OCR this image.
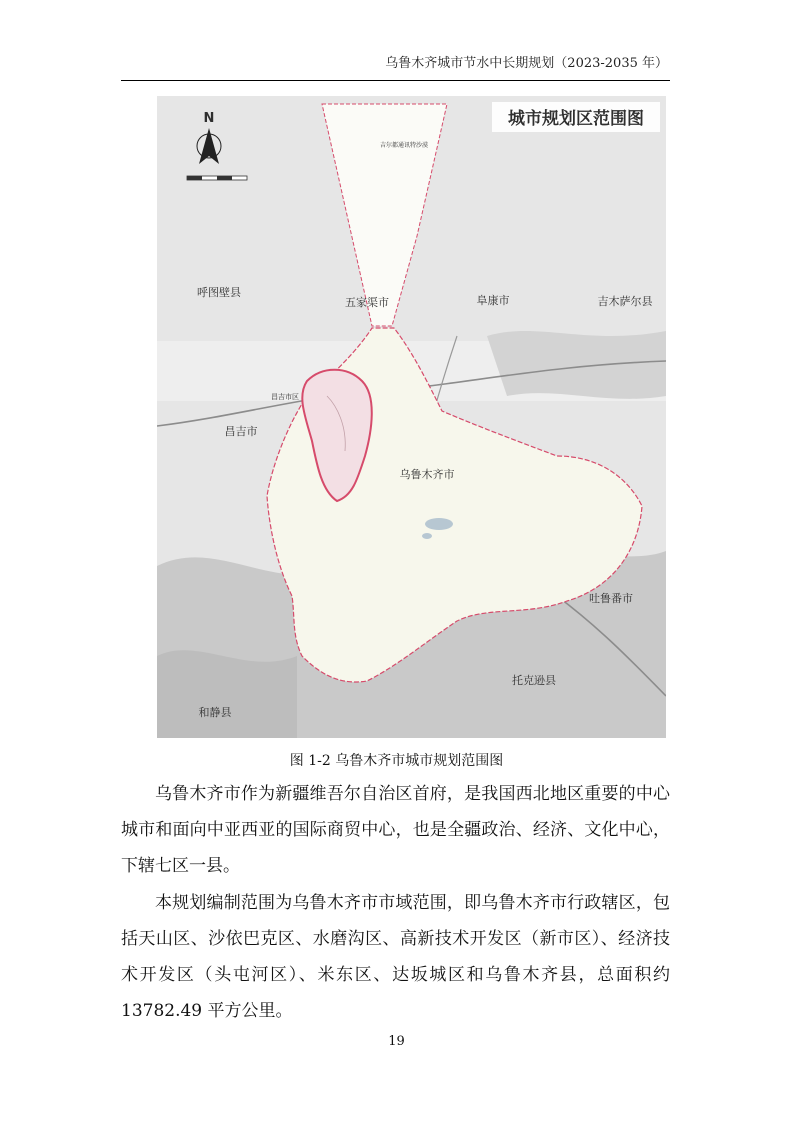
乌鲁木齐城市节水中长期规划（2023-2035 年）
城市规划区范围图
N
吉尔都通讯特沙漠
呼图壁县
五家渠市	阜康市	吉木萨尔县
昌吉市区
昌吉市
乌鲁木齐市
吐鲁番市
托克逊县
和静县
图 1-2 乌鲁木齐市城市规划范围图

乌鲁木齐市作为新疆维吾尔自治区首府，是我国西北地区重要的中心城市和面向中亚西亚的国际商贸中心，也是全疆政治、经济、文化中心，下辖七区一县。

本规划编制范围为乌鲁木齐市市域范围，即乌鲁木齐市行政辖区，包括天山区、沙依巴克区、水磨沟区、高新技术开发区（新市区）、经济技术开发区（头屯河区）、米东区、达坂城区和乌鲁木齐县，总面积约 13782.49 平方公里。

19
